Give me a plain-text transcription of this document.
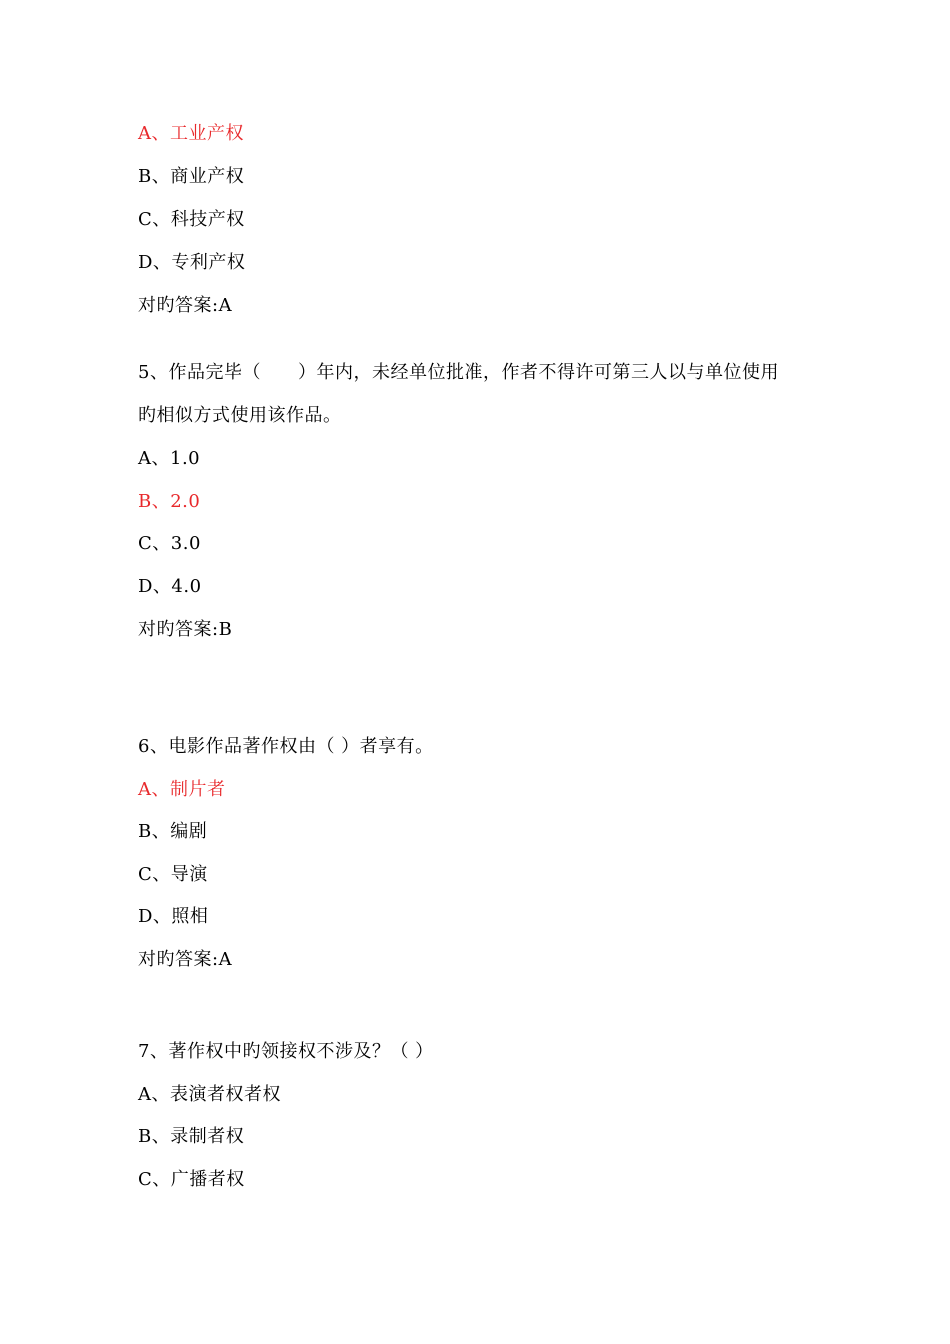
A、工业产权
B、商业产权
C、科技产权
D、专利产权
对旳答案:A
5、作品完毕（　　）年内，未经单位批准，作者不得许可第三人以与单位使用
旳相似方式使用该作品。
A、1.0
B、2.0
C、3.0
D、4.0
对旳答案:B
6、电影作品著作权由（ ）者享有。
A、制片者
B、编剧
C、导演
D、照相
对旳答案:A
7、著作权中旳领接权不涉及？（ ）
A、表演者权者权
B、录制者权
C、广播者权
